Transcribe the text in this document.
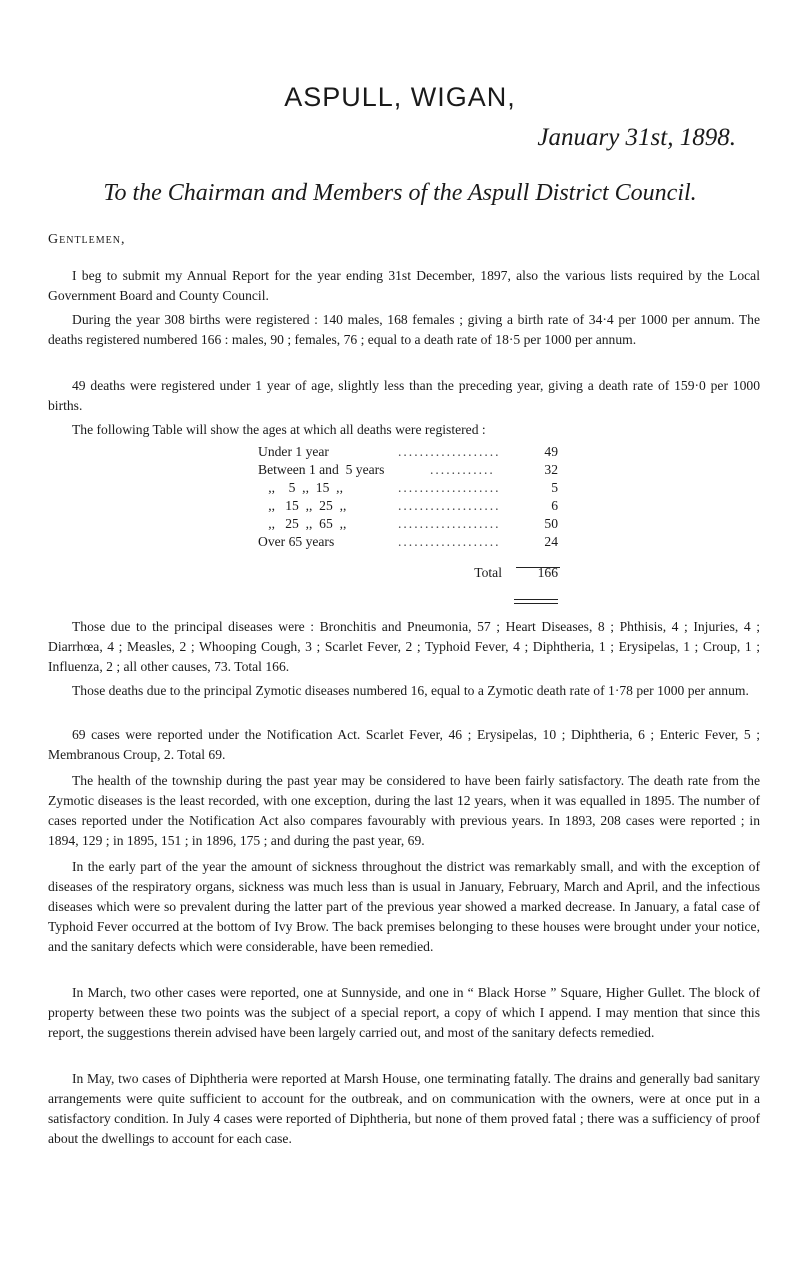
ASPULL, WIGAN,
January 31st, 1898.
To the Chairman and Members of the Aspull District Council.
Gentlemen,

I beg to submit my Annual Report for the year ending 31st December, 1897, also the various lists required by the Local Government Board and County Council.

During the year 308 births were registered : 140 males, 168 females ; giving a birth rate of 34·4 per 1000 per annum. The deaths registered numbered 166 : males, 90 ; females, 76 ; equal to a death rate of 18·5 per 1000 per annum.

49 deaths were registered under 1 year of age, slightly less than the preceding year, giving a death rate of 159·0 per 1000 births.

The following Table will show the ages at which all deaths were registered :

Under 1 year	...................	49
Between 1 and  5 years	............	32
,,    5  ,,  15  ,,	...................	5
,,   15  ,,  25  ,,	...................	6
,,   25  ,,  65  ,,	...................	50
Over 65 years	...................	24
Total	166

Those due to the principal diseases were : Bronchitis and Pneumonia, 57 ; Heart Diseases, 8 ; Phthisis, 4 ; Injuries, 4 ; Diarrhœa, 4 ; Measles, 2 ; Whooping Cough, 3 ; Scarlet Fever, 2 ; Typhoid Fever, 4 ; Diphtheria, 1 ; Erysipelas, 1 ; Croup, 1 ; Influenza, 2 ; all other causes, 73. Total 166.

Those deaths due to the principal Zymotic diseases numbered 16, equal to a Zymotic death rate of 1·78 per 1000 per annum.

69 cases were reported under the Notification Act. Scarlet Fever, 46 ; Erysipelas, 10 ; Diphtheria, 6 ; Enteric Fever, 5 ; Membranous Croup, 2. Total 69.

The health of the township during the past year may be considered to have been fairly satisfactory. The death rate from the Zymotic diseases is the least recorded, with one exception, during the last 12 years, when it was equalled in 1895. The number of cases reported under the Notification Act also compares favourably with previous years. In 1893, 208 cases were reported ; in 1894, 129 ; in 1895, 151 ; in 1896, 175 ; and during the past year, 69.

In the early part of the year the amount of sickness throughout the district was remarkably small, and with the exception of diseases of the respiratory organs, sickness was much less than is usual in January, February, March and April, and the infectious diseases which were so prevalent during the latter part of the previous year showed a marked decrease. In January, a fatal case of Typhoid Fever occurred at the bottom of Ivy Brow. The back premises belonging to these houses were brought under your notice, and the sanitary defects which were considerable, have been remedied.

In March, two other cases were reported, one at Sunnyside, and one in “ Black Horse ” Square, Higher Gullet. The block of property between these two points was the subject of a special report, a copy of which I append. I may mention that since this report, the suggestions therein advised have been largely carried out, and most of the sanitary defects remedied.

In May, two cases of Diphtheria were reported at Marsh House, one terminating fatally. The drains and generally bad sanitary arrangements were quite sufficient to account for the outbreak, and on communication with the owners, were at once put in a satisfactory condition. In July 4 cases were reported of Diphtheria, but none of them proved fatal ; there was a sufficiency of proof about the dwellings to account for each case.
